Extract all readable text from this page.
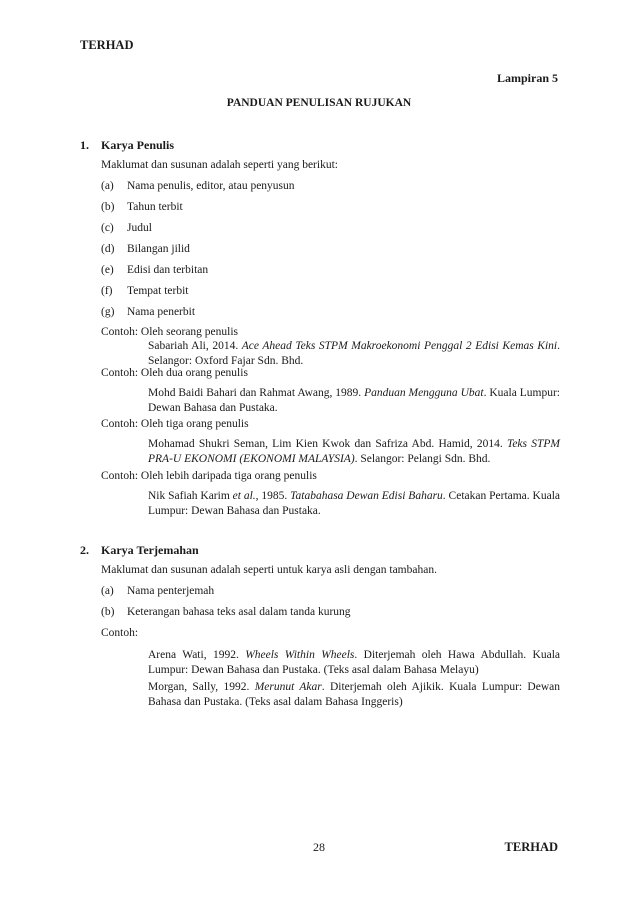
TERHAD
Lampiran 5
PANDUAN PENULISAN RUJUKAN
1. Karya Penulis
Maklumat dan susunan adalah seperti yang berikut:
(a) Nama penulis, editor, atau penyusun
(b) Tahun terbit
(c) Judul
(d) Bilangan jilid
(e) Edisi dan terbitan
(f) Tempat terbit
(g) Nama penerbit
Contoh: Oleh seorang penulis
Sabariah Ali, 2014. Ace Ahead Teks STPM Makroekonomi Penggal 2 Edisi Kemas Kini. Selangor: Oxford Fajar Sdn. Bhd.
Contoh: Oleh dua orang penulis
Mohd Baidi Bahari dan Rahmat Awang, 1989. Panduan Mengguna Ubat. Kuala Lumpur: Dewan Bahasa dan Pustaka.
Contoh: Oleh tiga orang penulis
Mohamad Shukri Seman, Lim Kien Kwok dan Safriza Abd. Hamid, 2014. Teks STPM PRA-U EKONOMI (EKONOMI MALAYSIA). Selangor: Pelangi Sdn. Bhd.
Contoh: Oleh lebih daripada tiga orang penulis
Nik Safiah Karim et al., 1985. Tatabahasa Dewan Edisi Baharu. Cetakan Pertama. Kuala Lumpur: Dewan Bahasa dan Pustaka.
2. Karya Terjemahan
Maklumat dan susunan adalah seperti untuk karya asli dengan tambahan.
(a) Nama penterjemah
(b) Keterangan bahasa teks asal dalam tanda kurung
Contoh:
Arena Wati, 1992. Wheels Within Wheels. Diterjemah oleh Hawa Abdullah. Kuala Lumpur: Dewan Bahasa dan Pustaka. (Teks asal dalam Bahasa Melayu)
Morgan, Sally, 1992. Merunut Akar. Diterjemah oleh Ajikik. Kuala Lumpur: Dewan Bahasa dan Pustaka. (Teks asal dalam Bahasa Inggeris)
28	TERHAD
